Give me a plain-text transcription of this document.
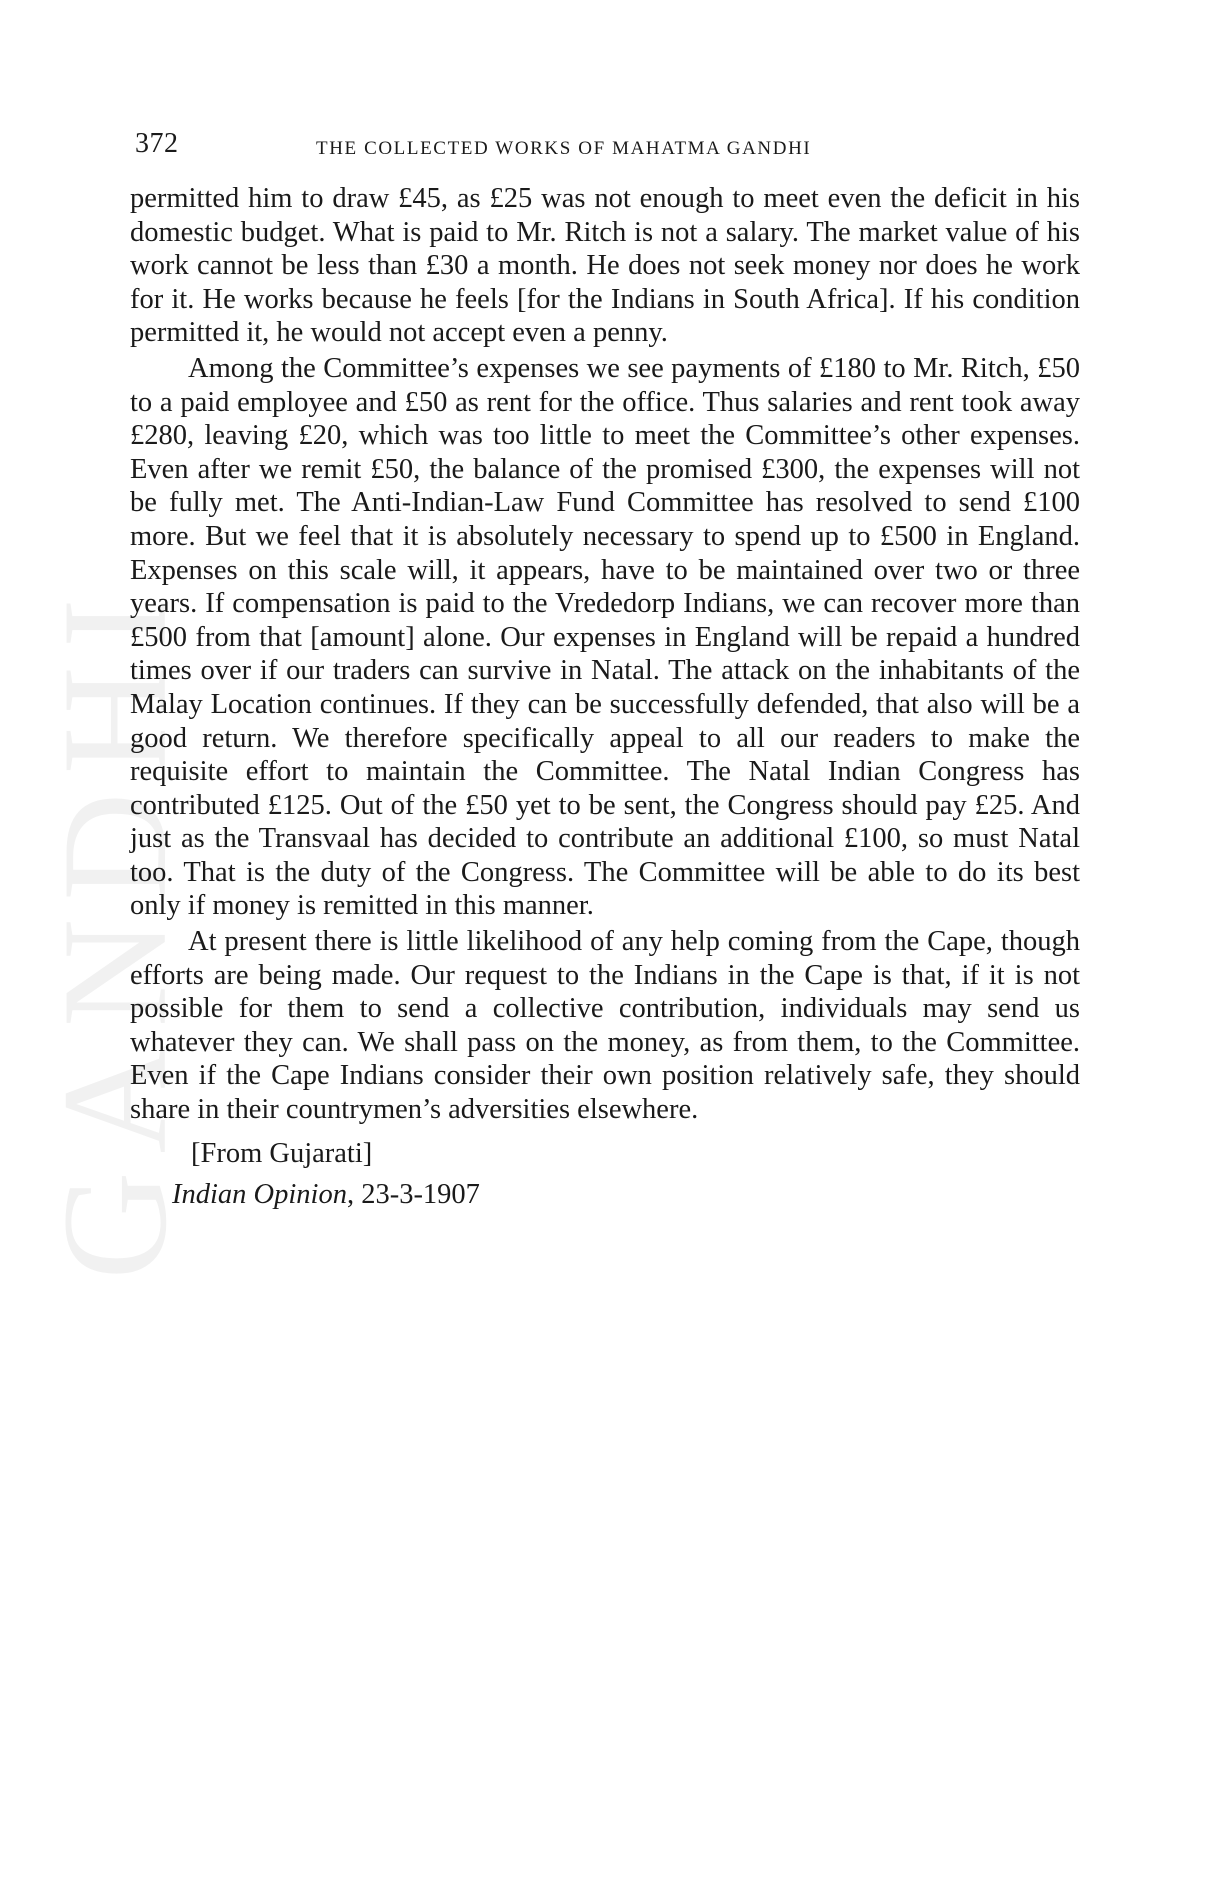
GANDHI
372	THE COLLECTED WORKS OF MAHATMA GANDHI

permitted him to draw £45, as £25 was not enough to meet even the deficit in his domestic budget. What is paid to Mr. Ritch is not a salary. The market value of his work cannot be less than £30 a month. He does not seek money nor does he work for it. He works because he feels [for the Indians in South Africa]. If his condition permitted it, he would not accept even a penny.

Among the Committee’s expenses we see payments of £180 to Mr. Ritch, £50 to a paid employee and £50 as rent for the office. Thus salaries and rent took away £280, leaving £20, which was too little to meet the Committee’s other expenses. Even after we remit £50, the balance of the promised £300, the expenses will not be fully met. The Anti-Indian-Law Fund Committee has resolved to send £100 more. But we feel that it is absolutely necessary to spend up to £500 in England. Expenses on this scale will, it appears, have to be maintained over two or three years. If compensation is paid to the Vrededorp Indians, we can recover more than £500 from that [amount] alone. Our expenses in England will be repaid a hundred times over if our traders can survive in Natal. The attack on the inhabitants of the Malay Location continues. If they can be successfully defended, that also will be a good return. We therefore specifically appeal to all our readers to make the requisite effort to maintain the Committee. The Natal Indian Congress has contributed £125. Out of the £50 yet to be sent, the Congress should pay £25. And just as the Transvaal has decided to contribute an additional £100, so must Natal too. That is the duty of the Congress. The Committee will be able to do its best only if money is remitted in this manner.

At present there is little likelihood of any help coming from the Cape, though efforts are being made. Our request to the Indians in the Cape is that, if it is not possible for them to send a collective contribution, individuals may send us whatever they can. We shall pass on the money, as from them, to the Committee. Even if the Cape Indians consider their own position relatively safe, they should share in their countrymen’s adversities elsewhere.

[From Gujarati]

Indian Opinion, 23-3-1907
